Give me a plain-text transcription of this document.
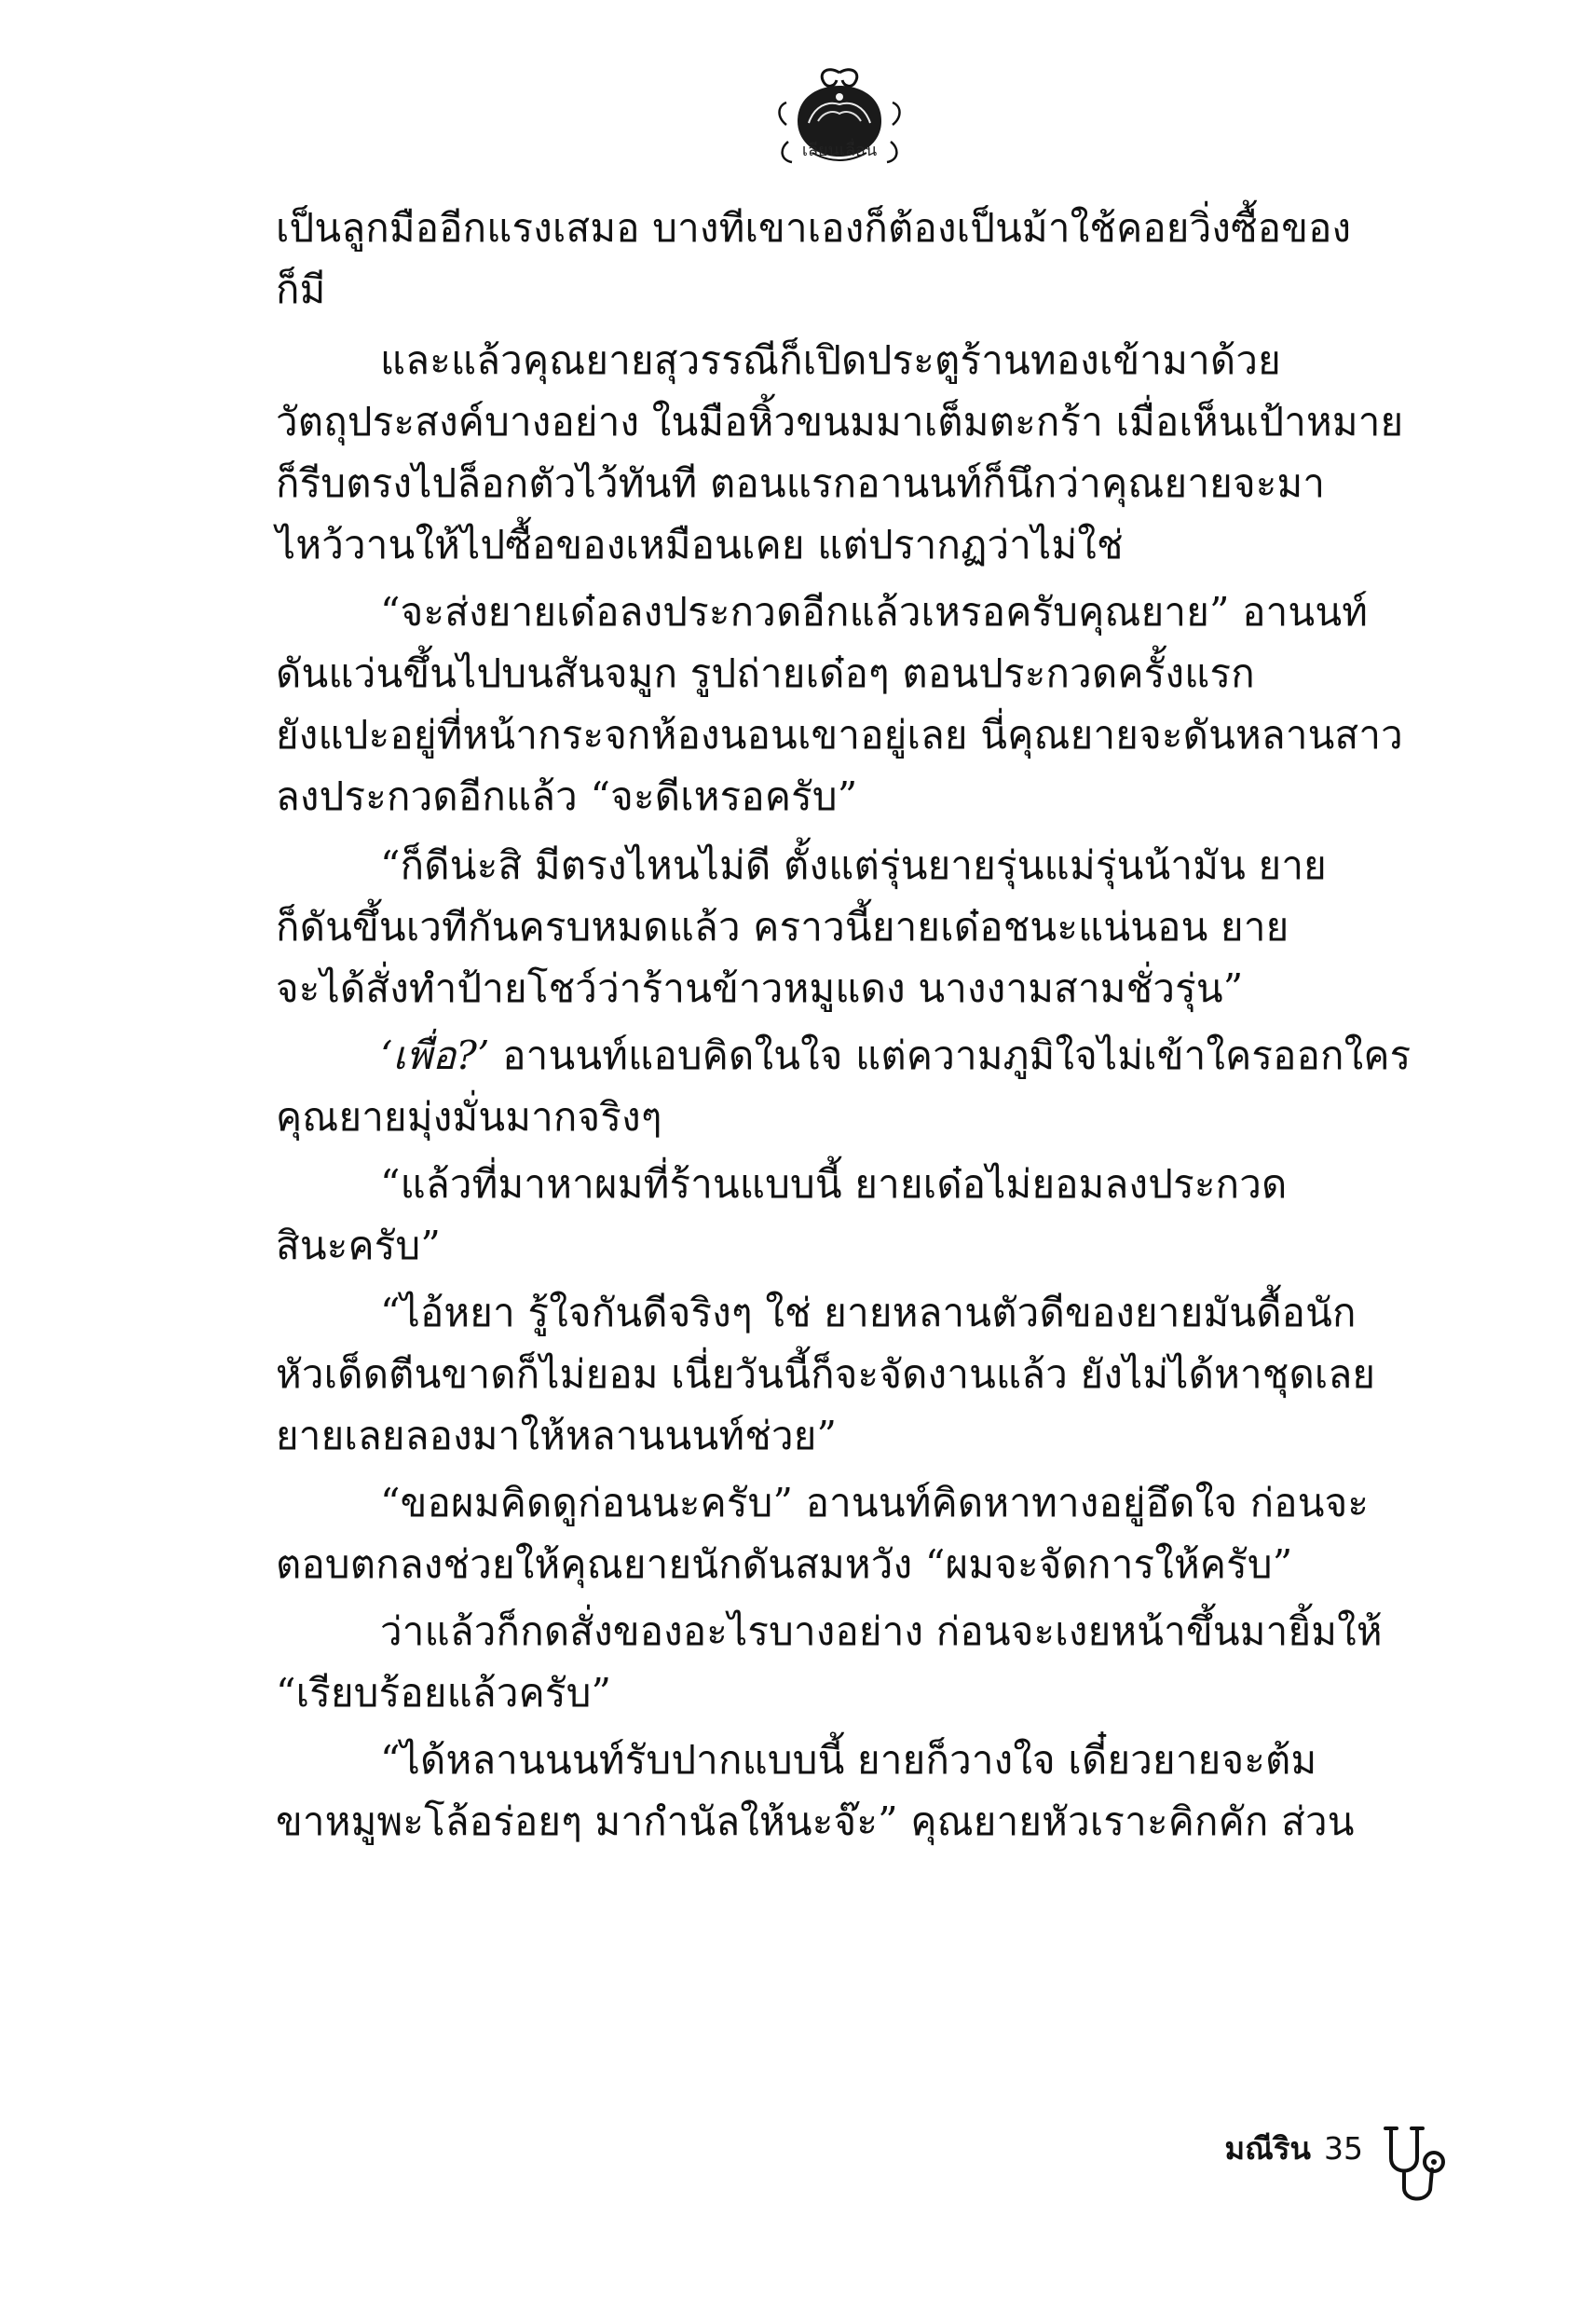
เลียนเลื่อน
เป็นลูกมืออีกแรงเสมอ บางทีเขาเองก็ต้องเป็นม้าใช้คอยวิ่งซื้อของ
ก็มี
และแล้วคุณยายสุวรรณีก็เปิดประตูร้านทองเข้ามาด้วย
วัตถุประสงค์บางอย่าง ในมือหิ้วขนมมาเต็มตะกร้า เมื่อเห็นเป้าหมาย
ก็รีบตรงไปล็อกตัวไว้ทันที ตอนแรกอานนท์ก็นึกว่าคุณยายจะมา
ไหว้วานให้ไปซื้อของเหมือนเคย แต่ปรากฏว่าไม่ใช่
“จะส่งยายเด๋อลงประกวดอีกแล้วเหรอครับคุณยาย” อานนท์
ดันแว่นขึ้นไปบนสันจมูก รูปถ่ายเด๋อๆ ตอนประกวดครั้งแรก
ยังแปะอยู่ที่หน้ากระจกห้องนอนเขาอยู่เลย นี่คุณยายจะดันหลานสาว
ลงประกวดอีกแล้ว “จะดีเหรอครับ”
“ก็ดีน่ะสิ มีตรงไหนไม่ดี ตั้งแต่รุ่นยายรุ่นแม่รุ่นน้ามัน ยาย
ก็ดันขึ้นเวทีกันครบหมดแล้ว คราวนี้ยายเด๋อชนะแน่นอน ยาย
จะได้สั่งทำป้ายโชว์ว่าร้านข้าวหมูแดง นางงามสามชั่วรุ่น”
‘เพื่อ?’ อานนท์แอบคิดในใจ แต่ความภูมิใจไม่เข้าใครออกใคร
คุณยายมุ่งมั่นมากจริงๆ
“แล้วที่มาหาผมที่ร้านแบบนี้ ยายเด๋อไม่ยอมลงประกวด
สินะครับ”
“ไอ้หยา รู้ใจกันดีจริงๆ ใช่ ยายหลานตัวดีของยายมันดื้อนัก
หัวเด็ดตีนขาดก็ไม่ยอม เนี่ยวันนี้ก็จะจัดงานแล้ว ยังไม่ได้หาชุดเลย
ยายเลยลองมาให้หลานนนท์ช่วย”
“ขอผมคิดดูก่อนนะครับ” อานนท์คิดหาทางอยู่อึดใจ ก่อนจะ
ตอบตกลงช่วยให้คุณยายนักดันสมหวัง “ผมจะจัดการให้ครับ”
ว่าแล้วก็กดสั่งของอะไรบางอย่าง ก่อนจะเงยหน้าขึ้นมายิ้มให้
“เรียบร้อยแล้วครับ”
“ได้หลานนนท์รับปากแบบนี้ ยายก็วางใจ เดี๋ยวยายจะต้ม
ขาหมูพะโล้อร่อยๆ มากำนัลให้นะจ๊ะ” คุณยายหัวเราะคิกคัก ส่วน
มณีริน 35
